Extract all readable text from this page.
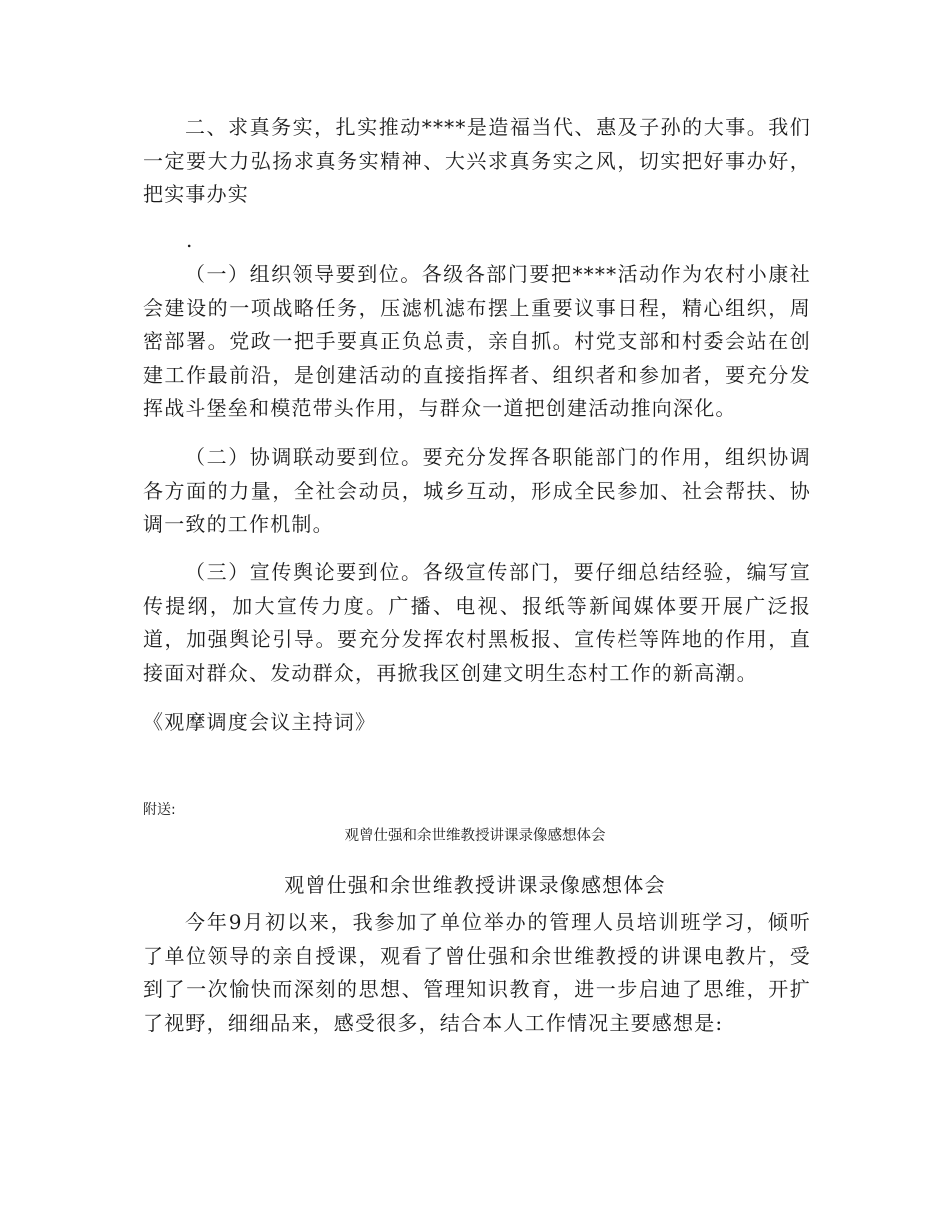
二、求真务实，扎实推动****是造福当代、惠及子孙的大事。我们一定要大力弘扬求真务实精神、大兴求真务实之风，切实把好事办好，把实事办实

.

（一）组织领导要到位。各级各部门要把****活动作为农村小康社会建设的一项战略任务，压滤机滤布摆上重要议事日程，精心组织，周密部署。党政一把手要真正负总责，亲自抓。村党支部和村委会站在创建工作最前沿，是创建活动的直接指挥者、组织者和参加者，要充分发挥战斗堡垒和模范带头作用，与群众一道把创建活动推向深化。

（二）协调联动要到位。要充分发挥各职能部门的作用，组织协调各方面的力量，全社会动员，城乡互动，形成全民参加、社会帮扶、协调一致的工作机制。

（三）宣传舆论要到位。各级宣传部门，要仔细总结经验，编写宣传提纲，加大宣传力度。广播、电视、报纸等新闻媒体要开展广泛报道，加强舆论引导。要充分发挥农村黑板报、宣传栏等阵地的作用，直接面对群众、发动群众，再掀我区创建文明生态村工作的新高潮。

《观摩调度会议主持词》

附送:
观曾仕强和余世维教授讲课录像感想体会
观曾仕强和余世维教授讲课录像感想体会

今年9月初以来，我参加了单位举办的管理人员培训班学习，倾听了单位领导的亲自授课，观看了曾仕强和余世维教授的讲课电教片，受到了一次愉快而深刻的思想、管理知识教育，进一步启迪了思维，开扩了视野，细细品来，感受很多，结合本人工作情况主要感想是:
